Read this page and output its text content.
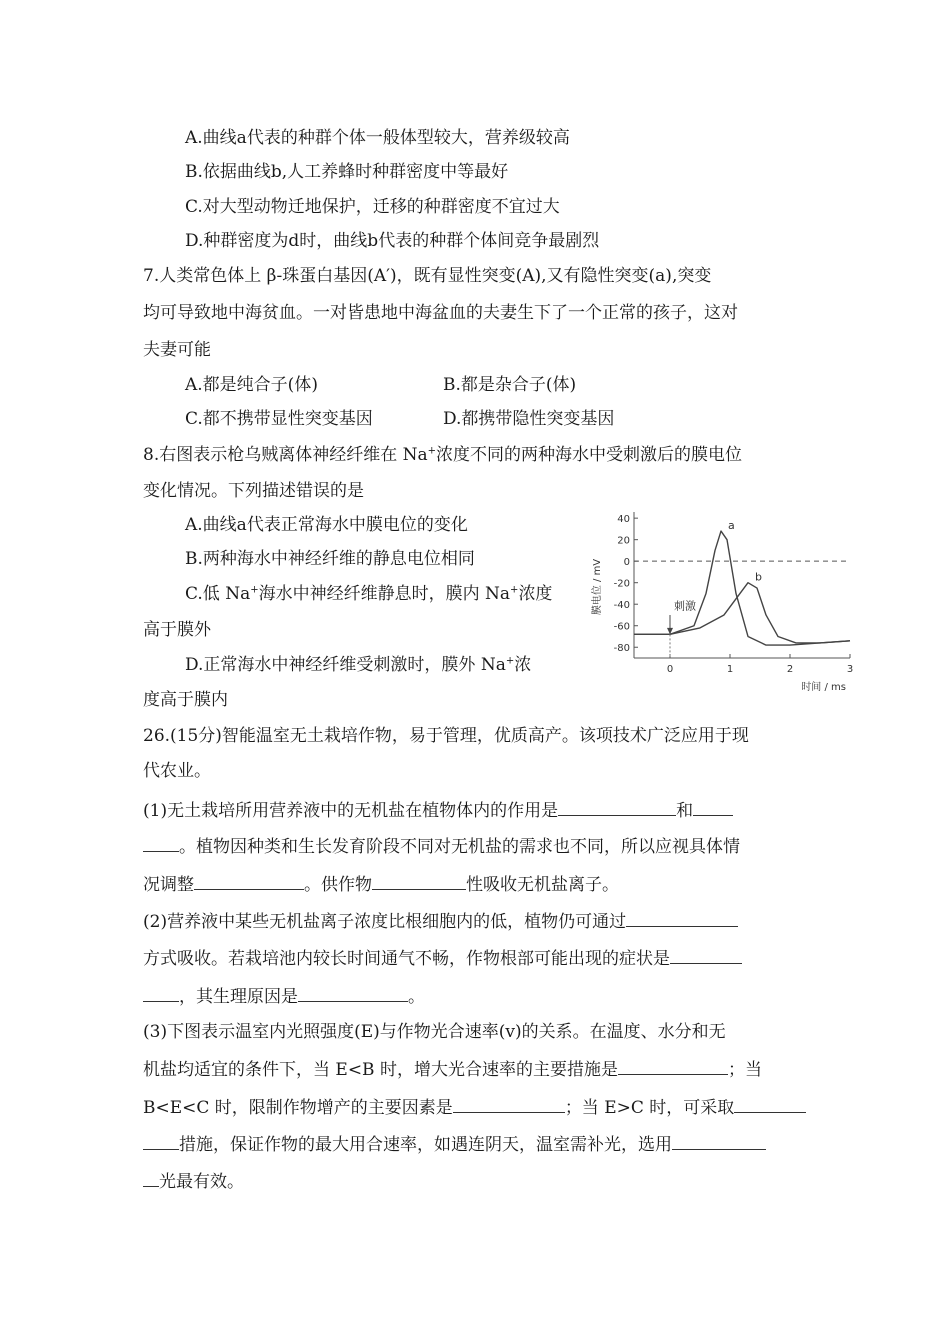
A.曲线a代表的种群个体一般体型较大，营养级较高
B.依据曲线b,人工养蜂时种群密度中等最好
C.对大型动物迁地保护，迁移的种群密度不宜过大
D.种群密度为d时，曲线b代表的种群个体间竞争最剧烈
7.人类常色体上 β-珠蛋白基因(A′)，既有显性突变(A),又有隐性突变(a),突变
均可导致地中海贫血。一对皆患地中海盆血的夫妻生下了一个正常的孩子，这对
夫妻可能
A.都是纯合子(体)	B.都是杂合子(体)
C.都不携带显性突变基因	D.都携带隐性突变基因
8.右图表示枪乌贼离体神经纤维在 Na+浓度不同的两种海水中受刺激后的膜电位
变化情况。下列描述错误的是
A.曲线a代表正常海水中膜电位的变化
B.两种海水中神经纤维的静息电位相同
C.低 Na+海水中神经纤维静息时，膜内 Na+浓度
高于膜外
D.正常海水中神经纤维受刺激时，膜外 Na+浓
度高于膜内
40
20
0
-20
-40
-60
-80
0	1	2	3
膜电位 / mV
时间 / ms
a
b
刺激
26.(15分)智能温室无土栽培作物，易于管理，优质高产。该项技术广泛应用于现
代农业。
(1)无土栽培所用营养液中的无机盐在植物体内的作用是	和
。植物因种类和生长发育阶段不同对无机盐的需求也不同，所以应视具体情
况调整	。供作物	性吸收无机盐离子。
(2)营养液中某些无机盐离子浓度比根细胞内的低，植物仍可通过
方式吸收。若栽培池内较长时间通气不畅，作物根部可能出现的症状是
，其生理原因是	。
(3)下图表示温室内光照强度(E)与作物光合速率(v)的关系。在温度、水分和无
机盐均适宜的条件下，当 E<B 时，增大光合速率的主要措施是	；当
B<E<C 时，限制作物增产的主要因素是	；当 E>C 时，可采取
措施，保证作物的最大用合速率，如遇连阴天，温室需补光，选用
光最有效。
